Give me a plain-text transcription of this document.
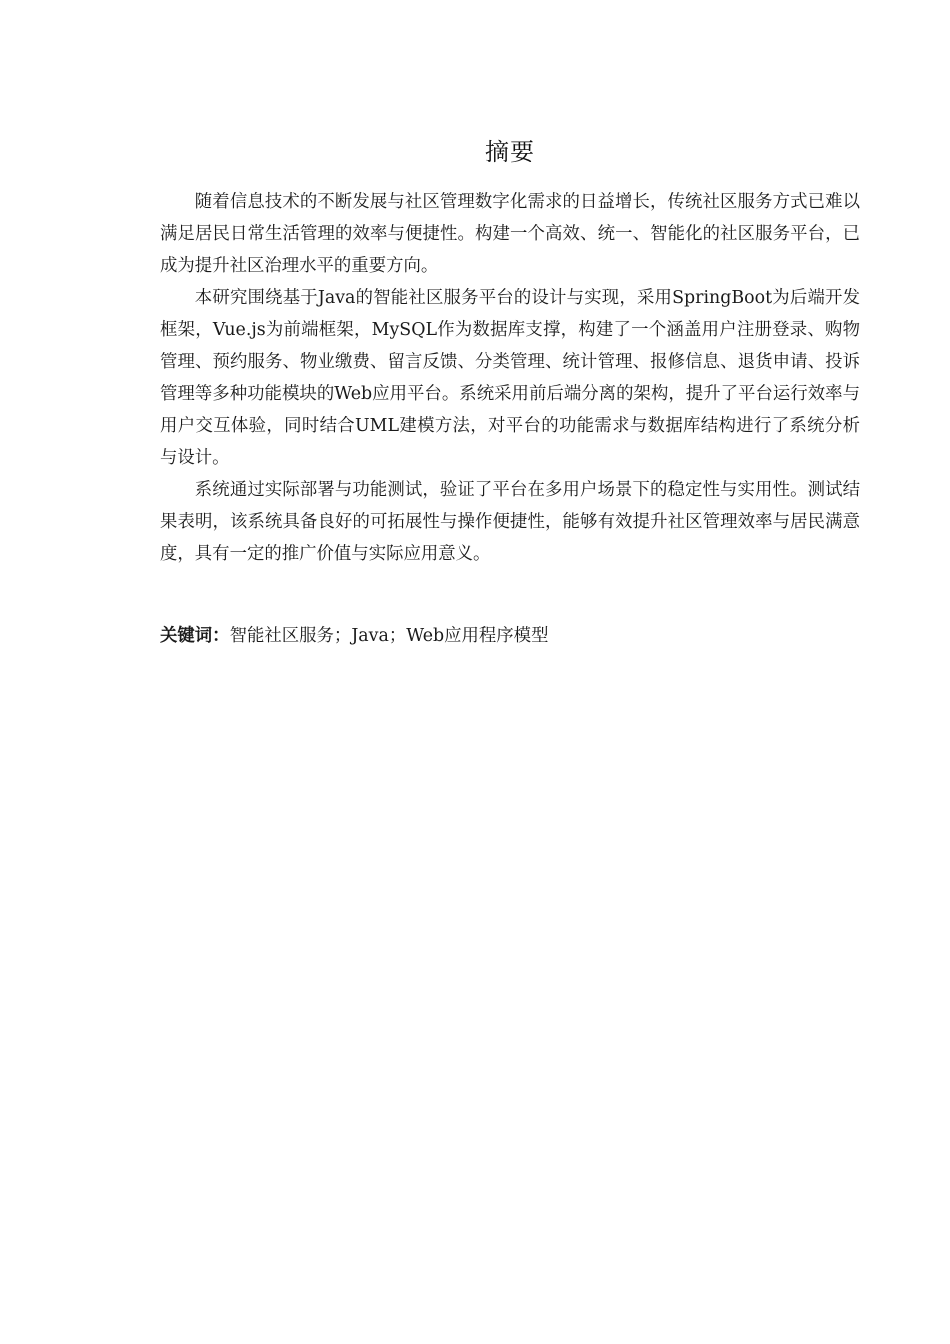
摘要

随着信息技术的不断发展与社区管理数字化需求的日益增长，传统社区服务方式已难以满足居民日常生活管理的效率与便捷性。构建一个高效、统一、智能化的社区服务平台，已成为提升社区治理水平的重要方向。

本研究围绕基于Java的智能社区服务平台的设计与实现，采用SpringBoot为后端开发框架，Vue.js为前端框架，MySQL作为数据库支撑，构建了一个涵盖用户注册登录、购物管理、预约服务、物业缴费、留言反馈、分类管理、统计管理、报修信息、退货申请、投诉管理等多种功能模块的Web应用平台。系统采用前后端分离的架构，提升了平台运行效率与用户交互体验，同时结合UML建模方法，对平台的功能需求与数据库结构进行了系统分析与设计。

系统通过实际部署与功能测试，验证了平台在多用户场景下的稳定性与实用性。测试结果表明，该系统具备良好的可拓展性与操作便捷性，能够有效提升社区管理效率与居民满意度，具有一定的推广价值与实际应用意义。

关键词：智能社区服务；Java；Web应用程序模型
